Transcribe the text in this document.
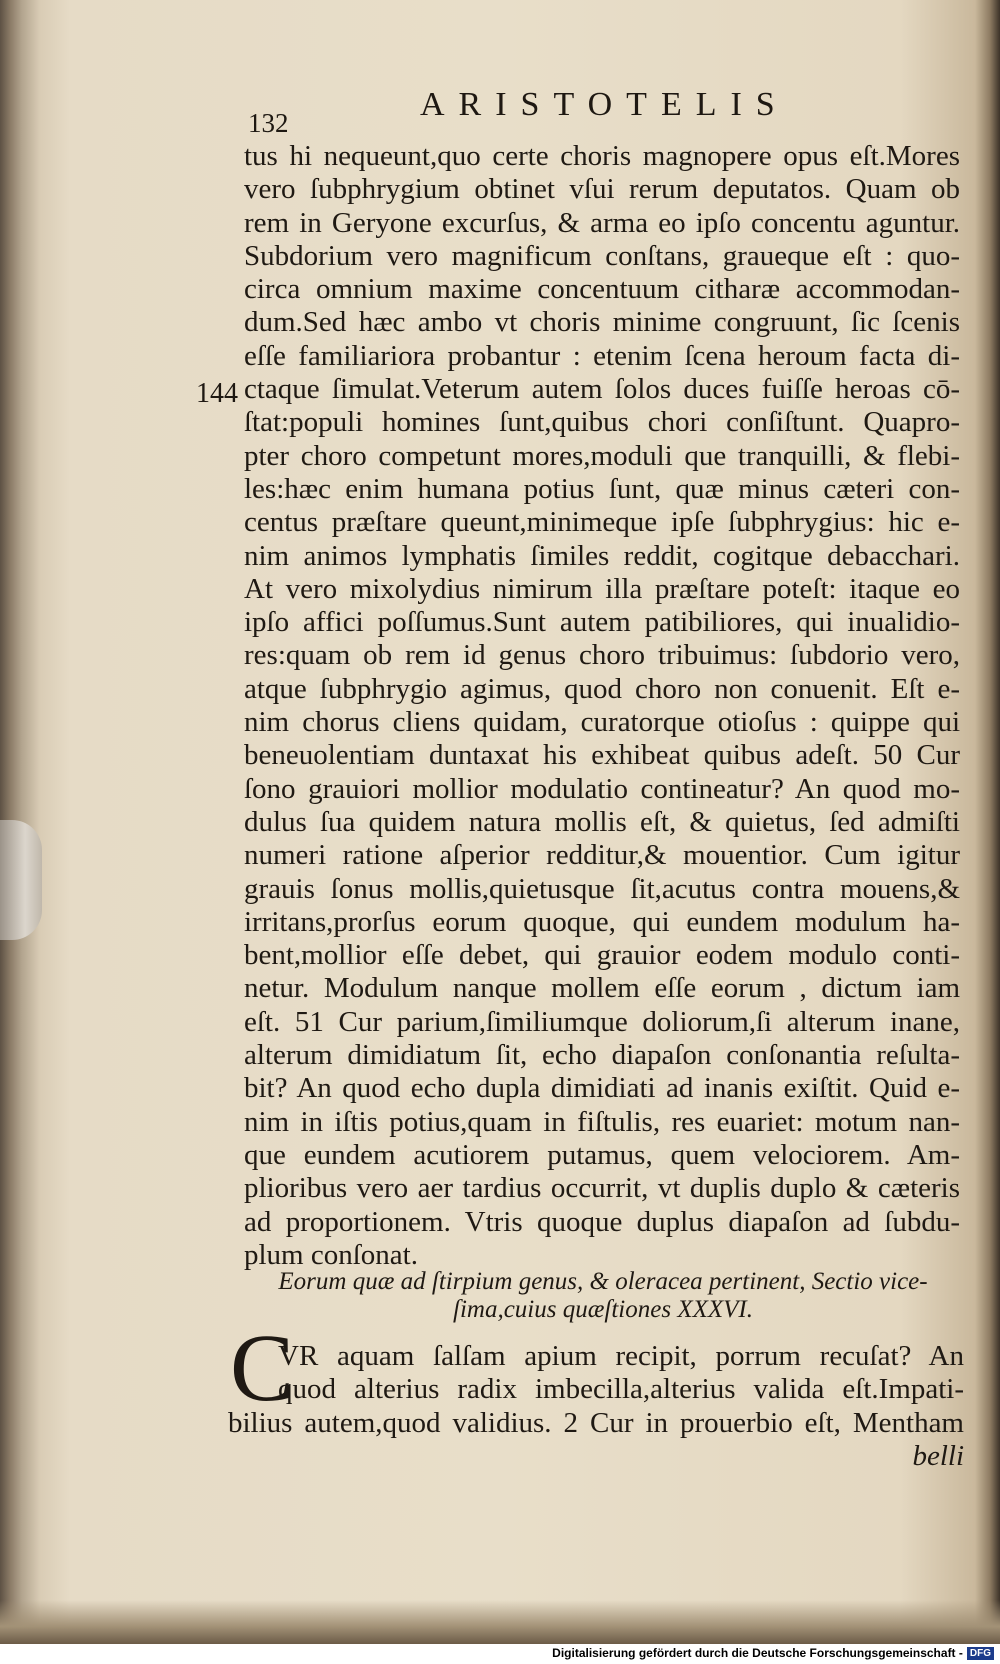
ARISTOTELIS
132
144
tus hi nequeunt,quo certe choris magnopere opus eſt.Mores
vero ſubphrygium obtinet vſui rerum deputatos. Quam ob
rem in Geryone excurſus, & arma eo ipſo concentu aguntur.
Subdorium vero magnificum conſtans, graueque eſt : quo-
circa omnium maxime concentuum citharæ accommodan-
dum.Sed hæc ambo vt choris minime congruunt, ſic ſcenis
eſſe familiariora probantur : etenim ſcena heroum facta di-
ctaque ſimulat.Veterum autem ſolos duces fuiſſe heroas cō-
ſtat:populi homines ſunt,quibus chori conſiſtunt. Quapro-
pter choro competunt mores,moduli que tranquilli, & flebi-
les:hæc enim humana potius ſunt, quæ minus cæteri con-
centus præſtare queunt,minimeque ipſe ſubphrygius: hic e-
nim animos lymphatis ſimiles reddit, cogitque debacchari.
At vero mixolydius nimirum illa præſtare poteſt: itaque eo
ipſo affici poſſumus.Sunt autem patibiliores, qui inualidio-
res:quam ob rem id genus choro tribuimus: ſubdorio vero,
atque ſubphrygio agimus, quod choro non conuenit. Eſt e-
nim chorus cliens quidam, curatorque otioſus : quippe qui
beneuolentiam duntaxat his exhibeat quibus adeſt. 50 Cur
ſono grauiori mollior modulatio contineatur? An quod mo-
dulus ſua quidem natura mollis eſt, & quietus, ſed admiſti
numeri ratione aſperior redditur,& mouentior. Cum igitur
grauis ſonus mollis,quietusque ſit,acutus contra mouens,&
irritans,prorſus eorum quoque, qui eundem modulum ha-
bent,mollior eſſe debet, qui grauior eodem modulo conti-
netur. Modulum nanque mollem eſſe eorum , dictum iam
eſt. 51 Cur parium,ſimiliumque doliorum,ſi alterum inane,
alterum dimidiatum ſit, echo diapaſon conſonantia reſulta-
bit? An quod echo dupla dimidiati ad inanis exiſtit. Quid e-
nim in iſtis potius,quam in fiſtulis, res euariet: motum nan-
que eundem acutiorem putamus, quem velociorem. Am-
plioribus vero aer tardius occurrit, vt duplis duplo & cæteris
ad proportionem. Vtris quoque duplus diapaſon ad ſubdu-
plum conſonat.
Eorum quæ ad ſtirpium genus, & oleracea pertinent, Sectio vice-
ſima,cuius quæſtiones XXXVI.
C
VR aquam ſalſam apium recipit, porrum recuſat? An
quod alterius radix imbecilla,alterius valida eſt.Impati-
bilius autem,quod validius. 2 Cur in prouerbio eſt, Mentham
belli
Digitalisierung gefördert durch die Deutsche Forschungsgemeinschaft - DFG
